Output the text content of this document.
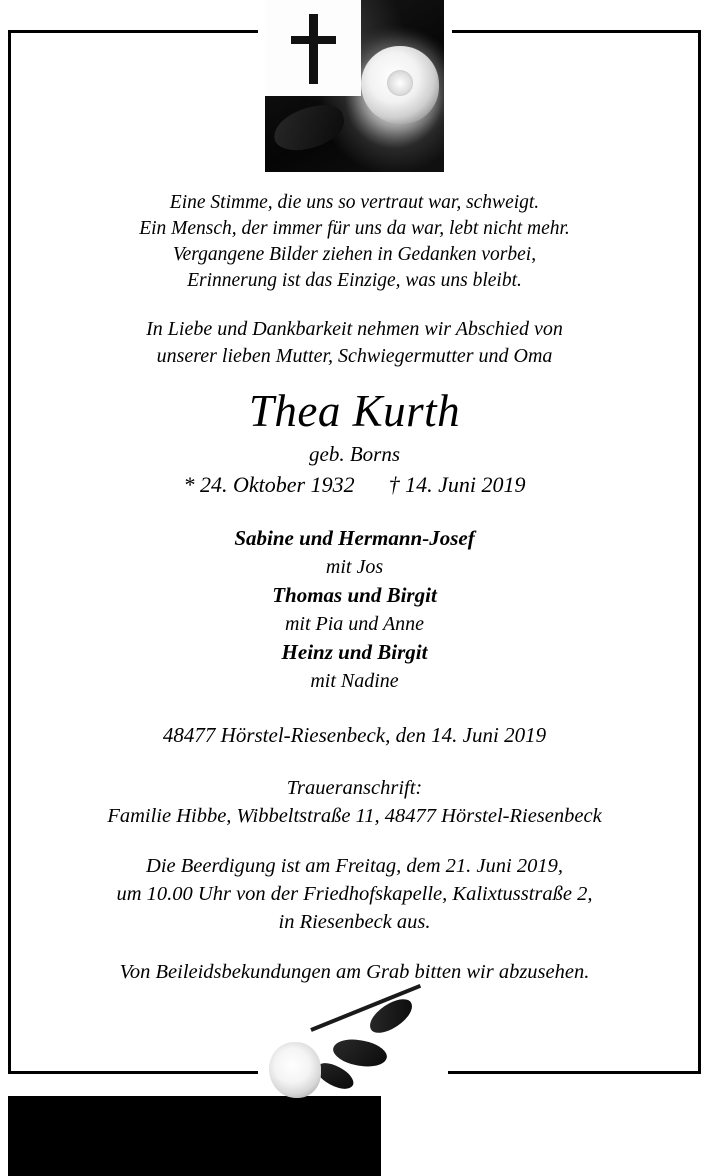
Eine Stimme, die uns so vertraut war, schweigt.
Ein Mensch, der immer für uns da war, lebt nicht mehr.
Vergangene Bilder ziehen in Gedanken vorbei,
Erinnerung ist das Einzige, was uns bleibt.
In Liebe und Dankbarkeit nehmen wir Abschied von
unserer lieben Mutter, Schwiegermutter und Oma
Thea Kurth
geb. Borns
* 24. Oktober 1932 † 14. Juni 2019
Sabine und Hermann-Josef
mit Jos
Thomas und Birgit
mit Pia und Anne
Heinz und Birgit
mit Nadine
48477 Hörstel-Riesenbeck, den 14. Juni 2019
Traueranschrift:
Familie Hibbe, Wibbeltstraße 11, 48477 Hörstel-Riesenbeck
Die Beerdigung ist am Freitag, dem 21. Juni 2019,
um 10.00 Uhr von der Friedhofskapelle, Kalixtusstraße 2,
in Riesenbeck aus.
Von Beileidsbekundungen am Grab bitten wir abzusehen.
